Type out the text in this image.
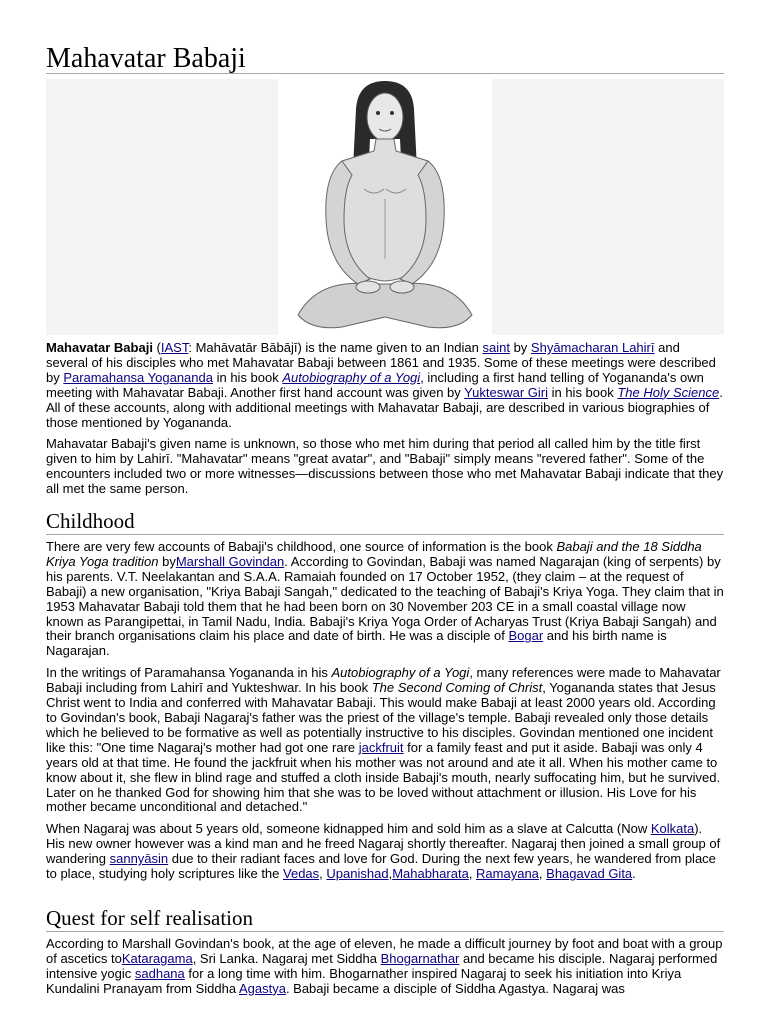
Mahavatar Babaji

Mahavatar Babaji (IAST: Mahāvatār Bābājī) is the name given to an Indian saint by Shyāmacharan Lahirī and several of his disciples who met Mahavatar Babaji between 1861 and 1935. Some of these meetings were described by Paramahansa Yogananda in his book Autobiography of a Yogi, including a first hand telling of Yogananda's own meeting with Mahavatar Babaji. Another first hand account was given by Yukteswar Giri in his book The Holy Science. All of these accounts, along with additional meetings with Mahavatar Babaji, are described in various biographies of those mentioned by Yogananda.

Mahavatar Babaji's given name is unknown, so those who met him during that period all called him by the title first given to him by Lahirī. "Mahavatar" means "great avatar", and "Babaji" simply means "revered father". Some of the encounters included two or more witnesses—discussions between those who met Mahavatar Babaji indicate that they all met the same person.

Childhood

There are very few accounts of Babaji's childhood, one source of information is the book Babaji and the 18 Siddha Kriya Yoga tradition byMarshall Govindan. According to Govindan, Babaji was named Nagarajan (king of serpents) by his parents. V.T. Neelakantan and S.A.A. Ramaiah founded on 17 October 1952, (they claim – at the request of Babaji) a new organisation, "Kriya Babaji Sangah," dedicated to the teaching of Babaji's Kriya Yoga. They claim that in 1953 Mahavatar Babaji told them that he had been born on 30 November 203 CE in a small coastal village now known as Parangipettai, in Tamil Nadu, India. Babaji's Kriya Yoga Order of Acharyas Trust (Kriya Babaji Sangah) and their branch organisations claim his place and date of birth. He was a disciple of Bogar and his birth name is Nagarajan.

In the writings of Paramahansa Yogananda in his Autobiography of a Yogi, many references were made to Mahavatar Babaji including from Lahirī and Yukteshwar. In his book The Second Coming of Christ, Yogananda states that Jesus Christ went to India and conferred with Mahavatar Babaji. This would make Babaji at least 2000 years old. According to Govindan's book, Babaji Nagaraj's father was the priest of the village's temple. Babaji revealed only those details which he believed to be formative as well as potentially instructive to his disciples. Govindan mentioned one incident like this: "One time Nagaraj's mother had got one rare jackfruit for a family feast and put it aside. Babaji was only 4 years old at that time. He found the jackfruit when his mother was not around and ate it all. When his mother came to know about it, she flew in blind rage and stuffed a cloth inside Babaji's mouth, nearly suffocating him, but he survived. Later on he thanked God for showing him that she was to be loved without attachment or illusion. His Love for his mother became unconditional and detached."

When Nagaraj was about 5 years old, someone kidnapped him and sold him as a slave at Calcutta (Now Kolkata). His new owner however was a kind man and he freed Nagaraj shortly thereafter. Nagaraj then joined a small group of wandering sannyāsin due to their radiant faces and love for God. During the next few years, he wandered from place to place, studying holy scriptures like the Vedas, Upanishad,Mahabharata, Ramayana, Bhagavad Gita.

Quest for self realisation

According to Marshall Govindan's book, at the age of eleven, he made a difficult journey by foot and boat with a group of ascetics toKataragama, Sri Lanka. Nagaraj met Siddha Bhogarnathar and became his disciple. Nagaraj performed intensive yogic sadhana for a long time with him. Bhogarnather inspired Nagaraj to seek his initiation into Kriya Kundalini Pranayam from Siddha Agastya. Babaji became a disciple of Siddha Agastya. Nagaraj was
